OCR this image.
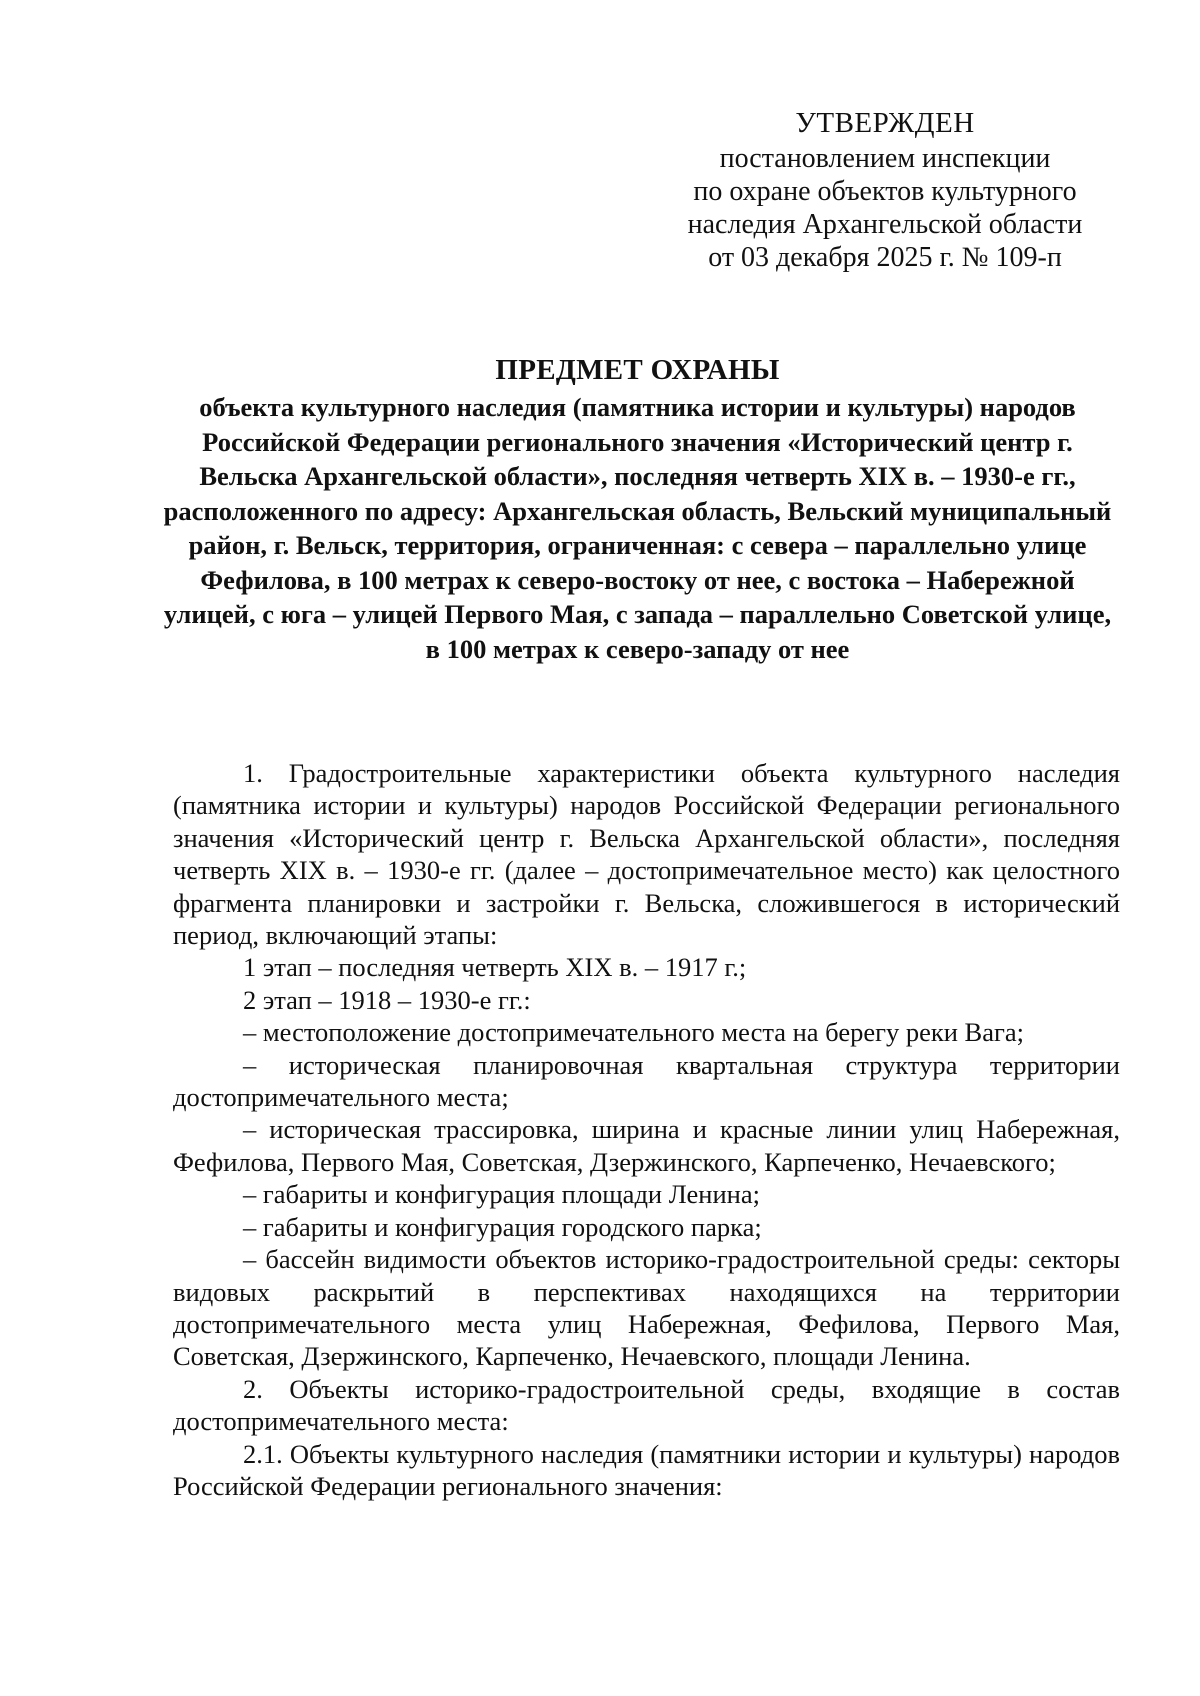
УТВЕРЖДЕН
постановлением инспекции
по охране объектов культурного
наследия Архангельской области
от 03 декабря 2025 г. № 109-п
ПРЕДМЕТ ОХРАНЫ
объекта культурного наследия (памятника истории и культуры) народов Российской Федерации регионального значения «Исторический центр г. Вельска Архангельской области», последняя четверть XIX в. – 1930-е гг., расположенного по адресу: Архангельская область, Вельский муниципальный район, г. Вельск, территория, ограниченная: с севера – параллельно улице Фефилова, в 100 метрах к северо-востоку от нее, с востока – Набережной улицей, с юга – улицей Первого Мая, с запада – параллельно Советской улице, в 100 метрах к северо-западу от нее

1. Градостроительные характеристики объекта культурного наследия (памятника истории и культуры) народов Российской Федерации регионального значения «Исторический центр г. Вельска Архангельской области», последняя четверть XIX в. – 1930-е гг. (далее – достопримечательное место) как целостного фрагмента планировки и застройки г. Вельска, сложившегося в исторический период, включающий этапы:

1 этап – последняя четверть XIX в. – 1917 г.;

2 этап – 1918 – 1930-е гг.:

– местоположение достопримечательного места на берегу реки Вага;

– историческая планировочная квартальная структура территории достопримечательного места;

– историческая трассировка, ширина и красные линии улиц Набережная, Фефилова, Первого Мая, Советская, Дзержинского, Карпеченко, Нечаевского;

– габариты и конфигурация площади Ленина;

– габариты и конфигурация городского парка;

– бассейн видимости объектов историко-градостроительной среды: секторы видовых раскрытий в перспективах находящихся на территории достопримечательного места улиц Набережная, Фефилова, Первого Мая, Советская, Дзержинского, Карпеченко, Нечаевского, площади Ленина.

2. Объекты историко-градостроительной среды, входящие в состав достопримечательного места:

2.1. Объекты культурного наследия (памятники истории и культуры) народов Российской Федерации регионального значения:
